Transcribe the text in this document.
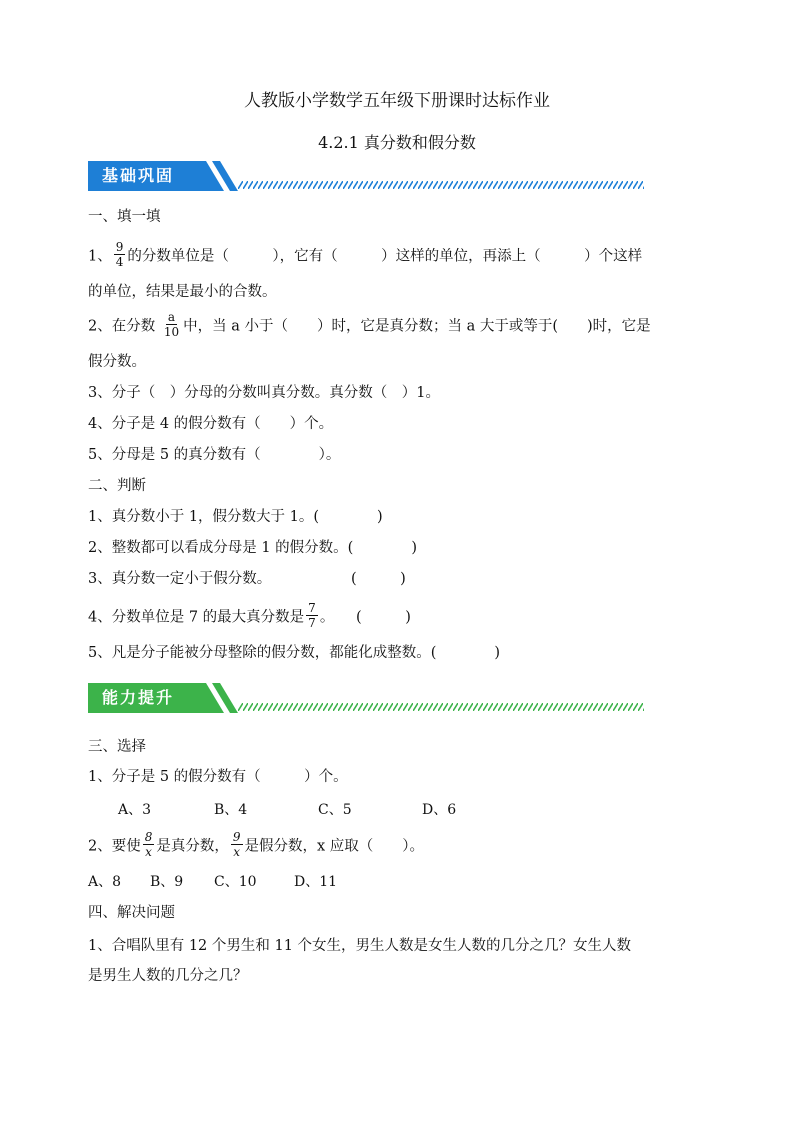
人教版小学数学五年级下册课时达标作业
4.2.1 真分数和假分数
基础巩固
一、填一填
1、 $\frac{9}{4}$ 的分数单位是（　　　），它有（　　　）这样的单位，再添上（　　　）个这样
的单位，结果是最小的合数。
2、在分数 $\frac{a}{10}$ 中，当 a 小于（　　）时，它是真分数；当 a 大于或等于(　　)时，它是
假分数。
3、分子（　）分母的分数叫真分数。真分数（　）1。
4、分子是 4 的假分数有（　　）个。
5、分母是 5 的真分数有（　　　　）。
二、判断
1、真分数小于 1，假分数大于 1。(　　　　)
2、整数都可以看成分母是 1 的假分数。(　　　　)
3、真分数一定小于假分数。　　　　　　(　　　)
4、分数单位是 7 的最大真分数是 $\frac{7}{7}$ 。　　(　　　)
5、凡是分子能被分母整除的假分数，都能化成整数。(　　　　)
能力提升
三、选择
1、分子是 5 的假分数有（　　　）个。
A、3	B、4	C、5	D、6
2、要使 $\frac{8}{x}$ 是真分数， $\frac{9}{x}$ 是假分数，x 应取（　　）。
A、8 B、9 C、10	D、11
四、解决问题
1、合唱队里有 12 个男生和 11 个女生，男生人数是女生人数的几分之几？女生人数
是男生人数的几分之几？
